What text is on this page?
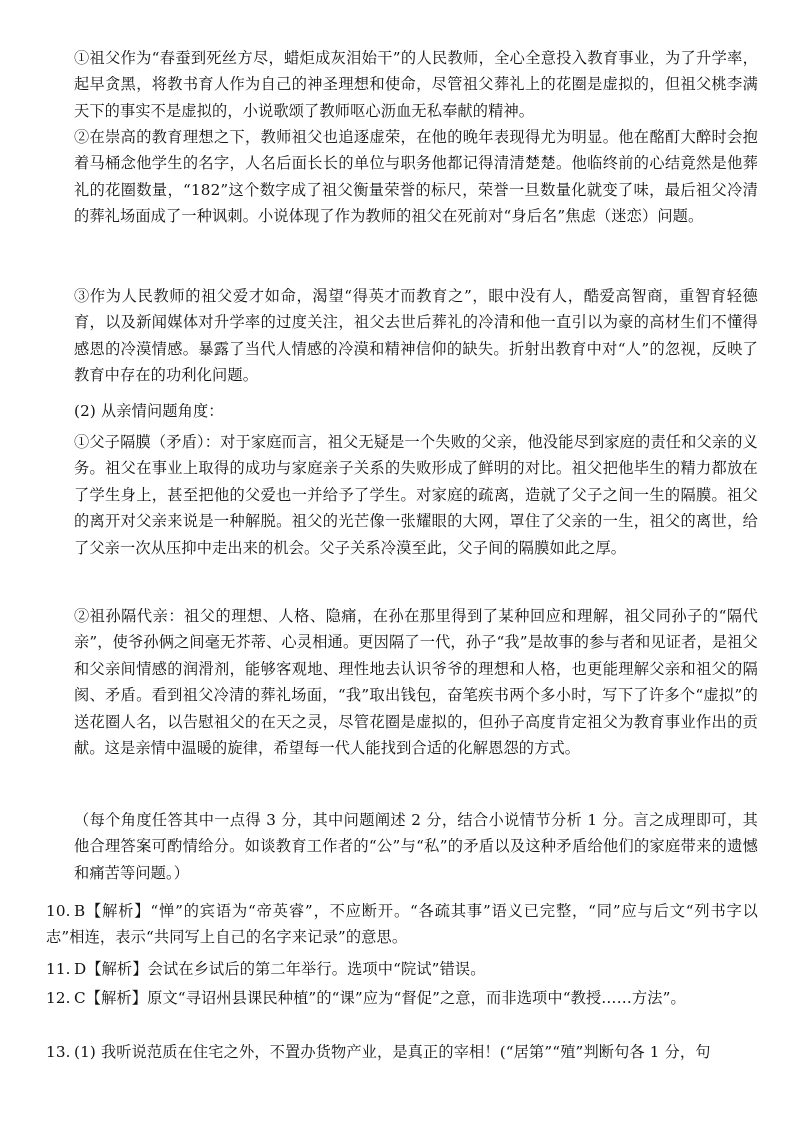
①祖父作为“春蚕到死丝方尽，蜡炬成灰泪始干”的人民教师，全心全意投入教育事业，为了升学率，起早贪黑，将教书育人作为自己的神圣理想和使命，尽管祖父葬礼上的花圈是虚拟的，但祖父桃李满天下的事实不是虚拟的，小说歌颂了教师呕心沥血无私奉献的精神。
②在崇高的教育理想之下，教师祖父也追逐虚荣，在他的晚年表现得尤为明显。他在酩酊大醉时会抱着马桶念他学生的名字，人名后面长长的单位与职务他都记得清清楚楚。他临终前的心结竟然是他葬礼的花圈数量，“182”这个数字成了祖父衡量荣誉的标尺，荣誉一旦数量化就变了味，最后祖父冷清的葬礼场面成了一种讽刺。小说体现了作为教师的祖父在死前对“身后名”焦虑（迷恋）问题。
③作为人民教师的祖父爱才如命，渴望“得英才而教育之”，眼中没有人，酷爱高智商，重智育轻德育，以及新闻媒体对升学率的过度关注，祖父去世后葬礼的冷清和他一直引以为豪的高材生们不懂得感恩的冷漠情感。暴露了当代人情感的冷漠和精神信仰的缺失。折射出教育中对“人”的忽视，反映了教育中存在的功利化问题。
(2) 从亲情问题角度：
①父子隔膜（矛盾）：对于家庭而言，祖父无疑是一个失败的父亲，他没能尽到家庭的责任和父亲的义务。祖父在事业上取得的成功与家庭亲子关系的失败形成了鲜明的对比。祖父把他毕生的精力都放在了学生身上，甚至把他的父爱也一并给予了学生。对家庭的疏离，造就了父子之间一生的隔膜。祖父的离开对父亲来说是一种解脱。祖父的光芒像一张耀眼的大网，罩住了父亲的一生，祖父的离世，给了父亲一次从压抑中走出来的机会。父子关系冷漠至此，父子间的隔膜如此之厚。
②祖孙隔代亲：祖父的理想、人格、隐痛，在孙在那里得到了某种回应和理解，祖父同孙子的“隔代亲”，使爷孙俩之间毫无芥蒂、心灵相通。更因隔了一代，孙子“我”是故事的参与者和见证者，是祖父和父亲间情感的润滑剂，能够客观地、理性地去认识爷爷的理想和人格，也更能理解父亲和祖父的隔阂、矛盾。看到祖父冷清的葬礼场面，“我”取出钱包，奋笔疾书两个多小时，写下了许多个“虚拟”的送花圈人名，以告慰祖父的在天之灵，尽管花圈是虚拟的，但孙子高度肯定祖父为教育事业作出的贡献。这是亲情中温暖的旋律，希望每一代人能找到合适的化解恩怨的方式。
（每个角度任答其中一点得 3 分，其中问题阐述 2 分，结合小说情节分析 1 分。言之成理即可，其他合理答案可酌情给分。如谈教育工作者的“公”与“私”的矛盾以及这种矛盾给他们的家庭带来的遗憾和痛苦等问题。）
10. B【解析】“惮”的宾语为“帝英睿”，不应断开。“各疏其事”语义已完整，“同”应与后文“列书字以志”相连，表示“共同写上自己的名字来记录”的意思。
11. D【解析】会试在乡试后的第二年举行。选项中“院试”错误。
12. C【解析】原文“寻诏州县课民种植”的“课”应为“督促”之意，而非选项中“教授……方法”。
13. (1) 我听说范质在住宅之外，不置办货物产业，是真正的宰相！(“居第”“殖”判断句各 1 分，句
